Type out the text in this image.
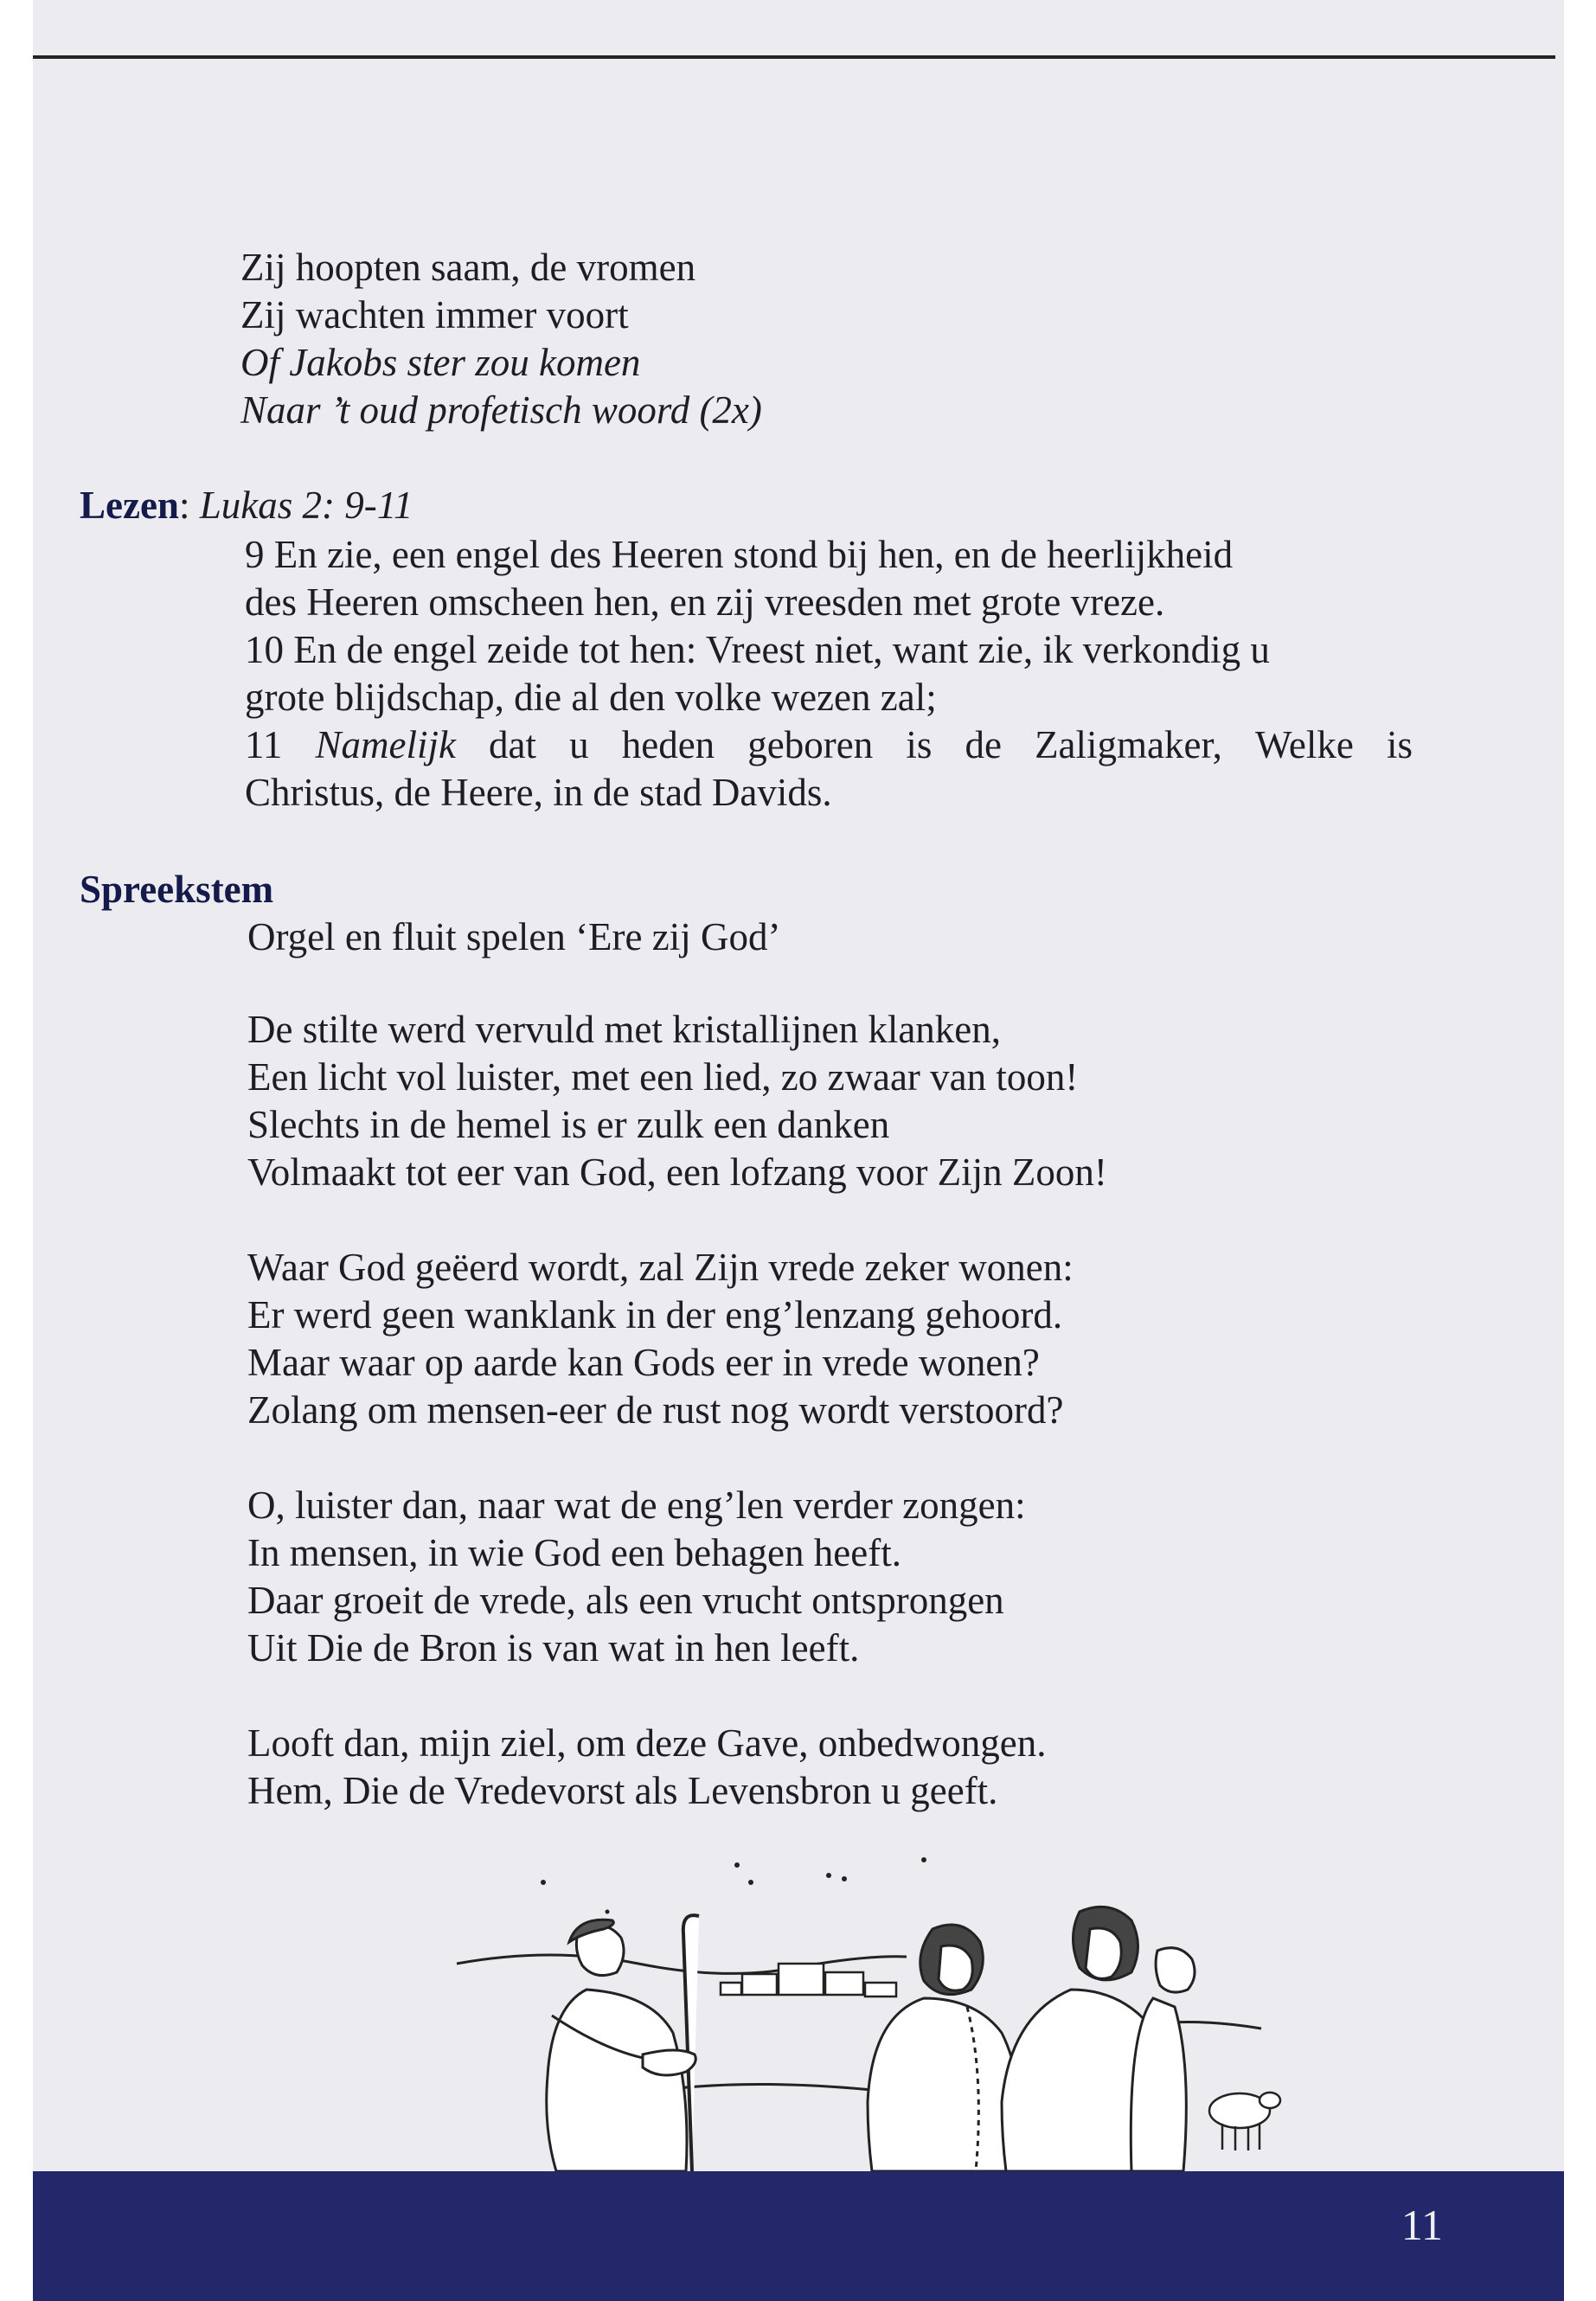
Zij hoopten saam, de vromen
Zij wachten immer voort
Of Jakobs ster zou komen
Naar ’t oud profetisch woord (2x)
Lezen: Lukas 2: 9-11
9 En zie, een engel des Heeren stond bij hen, en de heerlijkheid
des Heeren omscheen hen, en zij vreesden met grote vreze.
10 En de engel zeide tot hen: Vreest niet, want zie, ik verkondig u
grote blijdschap, die al den volke wezen zal;
11 Namelijk dat u heden geboren is de Zaligmaker, Welke is
Christus, de Heere, in de stad Davids.
Spreekstem
Orgel en fluit spelen ‘Ere zij God’
De stilte werd vervuld met kristallijnen klanken,
Een licht vol luister, met een lied, zo zwaar van toon!
Slechts in de hemel is er zulk een danken
Volmaakt tot eer van God, een lofzang voor Zijn Zoon!
Waar God geëerd wordt, zal Zijn vrede zeker wonen:
Er werd geen wanklank in der eng’lenzang gehoord.
Maar waar op aarde kan Gods eer in vrede wonen?
Zolang om mensen-eer de rust nog wordt verstoord?
O, luister dan, naar wat de eng’len verder zongen:
In mensen, in wie God een behagen heeft.
Daar groeit de vrede, als een vrucht ontsprongen
Uit Die de Bron is van wat in hen leeft.
Looft dan, mijn ziel, om deze Gave, onbedwongen.
Hem, Die de Vredevorst als Levensbron u geeft.
11
